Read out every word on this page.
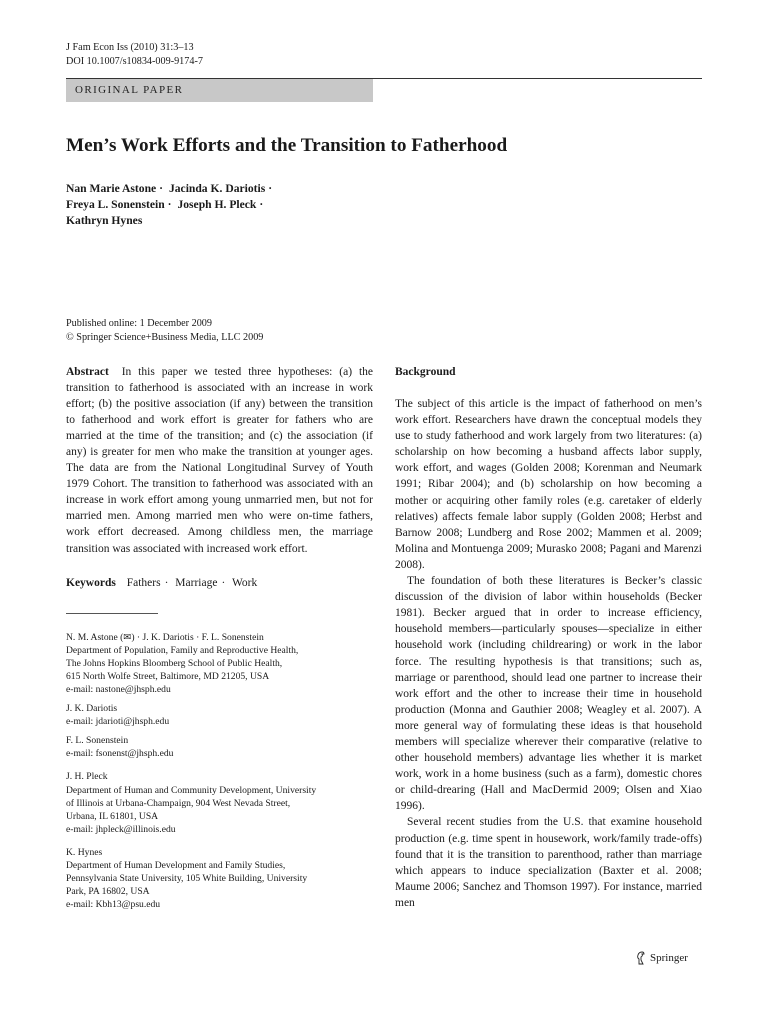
J Fam Econ Iss (2010) 31:3–13
DOI 10.1007/s10834-009-9174-7
ORIGINAL PAPER
Men’s Work Efforts and the Transition to Fatherhood
Nan Marie Astone · Jacinda K. Dariotis ·
Freya L. Sonenstein · Joseph H. Pleck ·
Kathryn Hynes
Published online: 1 December 2009
© Springer Science+Business Media, LLC 2009
Abstract In this paper we tested three hypotheses: (a) the transition to fatherhood is associated with an increase in work effort; (b) the positive association (if any) between the transition to fatherhood and work effort is greater for fathers who are married at the time of the transition; and (c) the association (if any) is greater for men who make the transition at younger ages. The data are from the National Longitudinal Survey of Youth 1979 Cohort. The transition to fatherhood was associated with an increase in work effort among young unmarried men, but not for married men. Among married men who were on-time fathers, work effort decreased. Among childless men, the marriage transition was associated with increased work effort.
Keywords Fathers · Marriage · Work
N. M. Astone (✉) · J. K. Dariotis · F. L. Sonenstein
Department of Population, Family and Reproductive Health,
The Johns Hopkins Bloomberg School of Public Health,
615 North Wolfe Street, Baltimore, MD 21205, USA
e-mail: nastone@jhsph.edu
J. K. Dariotis
e-mail: jdarioti@jhsph.edu
F. L. Sonenstein
e-mail: fsonenst@jhsph.edu
J. H. Pleck
Department of Human and Community Development, University
of Illinois at Urbana-Champaign, 904 West Nevada Street,
Urbana, IL 61801, USA
e-mail: jhpleck@illinois.edu
K. Hynes
Department of Human Development and Family Studies,
Pennsylvania State University, 105 White Building, University
Park, PA 16802, USA
e-mail: Kbh13@psu.edu
Background

The subject of this article is the impact of fatherhood on men’s work effort. Researchers have drawn the conceptual models they use to study fatherhood and work largely from two literatures: (a) scholarship on how becoming a husband affects labor supply, work effort, and wages (Golden 2008; Korenman and Neumark 1991; Ribar 2004); and (b) scholarship on how becoming a mother or acquiring other family roles (e.g. caretaker of elderly relatives) affects female labor supply (Golden 2008; Herbst and Barnow 2008; Lundberg and Rose 2002; Mammen et al. 2009; Molina and Montuenga 2009; Murasko 2008; Pagani and Marenzi 2008).

The foundation of both these literatures is Becker’s classic discussion of the division of labor within households (Becker 1981). Becker argued that in order to increase efficiency, household members—particularly spouses—specialize in either household work (including childrearing) or work in the labor force. The resulting hypothesis is that transitions; such as, marriage or parenthood, should lead one partner to increase their work effort and the other to increase their time in household production (Monna and Gauthier 2008; Weagley et al. 2007). A more general way of formulating these ideas is that household members will specialize wherever their comparative (relative to other household members) advantage lies whether it is market work, work in a home business (such as a farm), domestic chores or child-drearing (Hall and MacDermid 2009; Olsen and Xiao 1996).

Several recent studies from the U.S. that examine household production (e.g. time spent in housework, work/family trade-offs) found that it is the transition to parenthood, rather than marriage which appears to induce specialization (Baxter et al. 2008; Maume 2006; Sanchez and Thomson 1997). For instance, married men

Springer
